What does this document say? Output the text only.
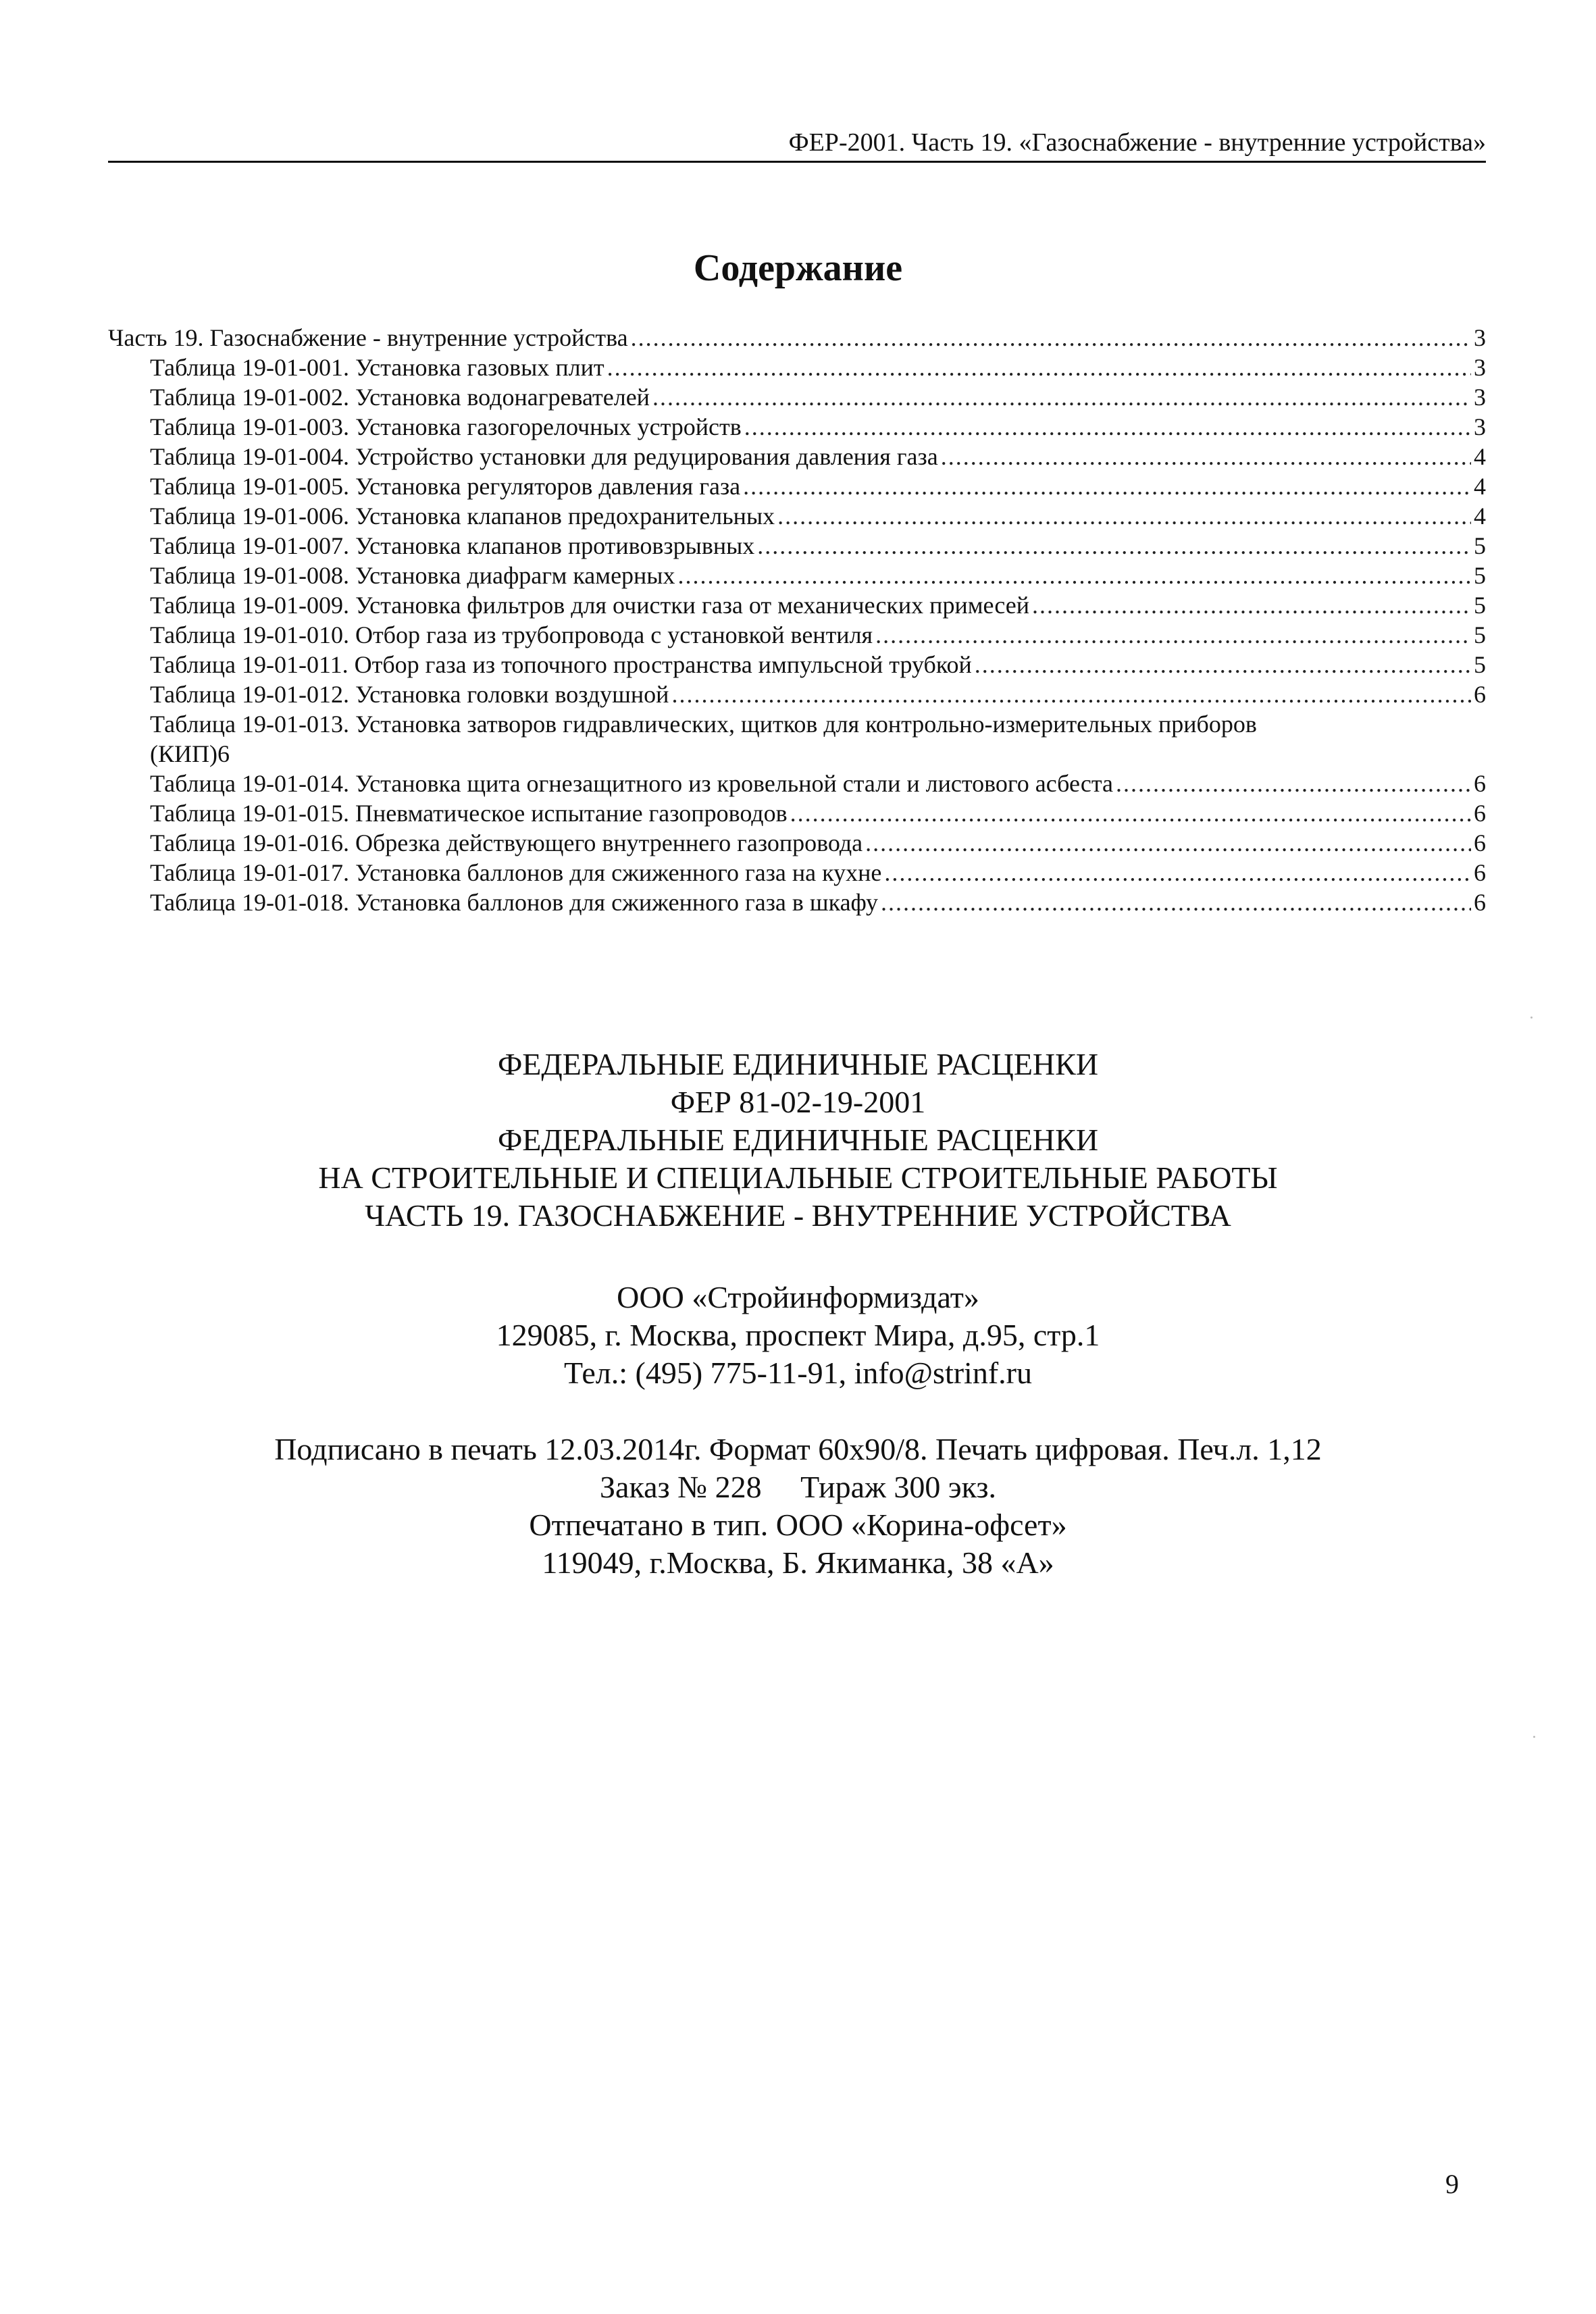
ФЕР-2001. Часть 19. «Газоснабжение - внутренние устройства»
Содержание
Часть 19. Газоснабжение - внутренние устройства .....	3
Таблица 19-01-001. Установка газовых плит .....	3
Таблица 19-01-002. Установка водонагревателей .....	3
Таблица 19-01-003. Установка газогорелочных устройств .....	3
Таблица 19-01-004. Устройство установки для редуцирования давления газа .....	4
Таблица 19-01-005. Установка регуляторов давления газа .....	4
Таблица 19-01-006. Установка клапанов предохранительных .....	4
Таблица 19-01-007. Установка клапанов противовзрывных .....	5
Таблица 19-01-008. Установка диафрагм камерных .....	5
Таблица 19-01-009. Установка фильтров для очистки газа от механических примесей .....	5
Таблица 19-01-010. Отбор газа из трубопровода с установкой вентиля .....	5
Таблица 19-01-011. Отбор газа из топочного пространства импульсной трубкой .....	5
Таблица 19-01-012. Установка головки воздушной .....	6
Таблица 19-01-013. Установка затворов гидравлических, щитков для контрольно-измерительных приборов
(КИП) 6
Таблица 19-01-014. Установка щита огнезащитного из кровельной стали и листового асбеста .....	6
Таблица 19-01-015. Пневматическое испытание газопроводов .....	6
Таблица 19-01-016. Обрезка действующего внутреннего газопровода .....	6
Таблица 19-01-017. Установка баллонов для сжиженного газа на кухне .....	6
Таблица 19-01-018. Установка баллонов для сжиженного газа в шкафу .....	6

ФЕДЕРАЛЬНЫЕ ЕДИНИЧНЫЕ РАСЦЕНКИ

ФЕР 81-02-19-2001

ФЕДЕРАЛЬНЫЕ ЕДИНИЧНЫЕ РАСЦЕНКИ

НА СТРОИТЕЛЬНЫЕ И СПЕЦИАЛЬНЫЕ СТРОИТЕЛЬНЫЕ РАБОТЫ

ЧАСТЬ 19. ГАЗОСНАБЖЕНИЕ - ВНУТРЕННИЕ УСТРОЙСТВА

ООО «Стройинформиздат»

129085, г. Москва, проспект Мира, д.95, стр.1

Тел.: (495) 775-11-91, info@strinf.ru

Подписано в печать 12.03.2014г. Формат 60х90/8. Печать цифровая. Печ.л. 1,12

Заказ № 228     Тираж 300 экз.

Отпечатано в тип. ООО «Корина-офсет»

119049, г.Москва, Б. Якиманка, 38 «А»

9
